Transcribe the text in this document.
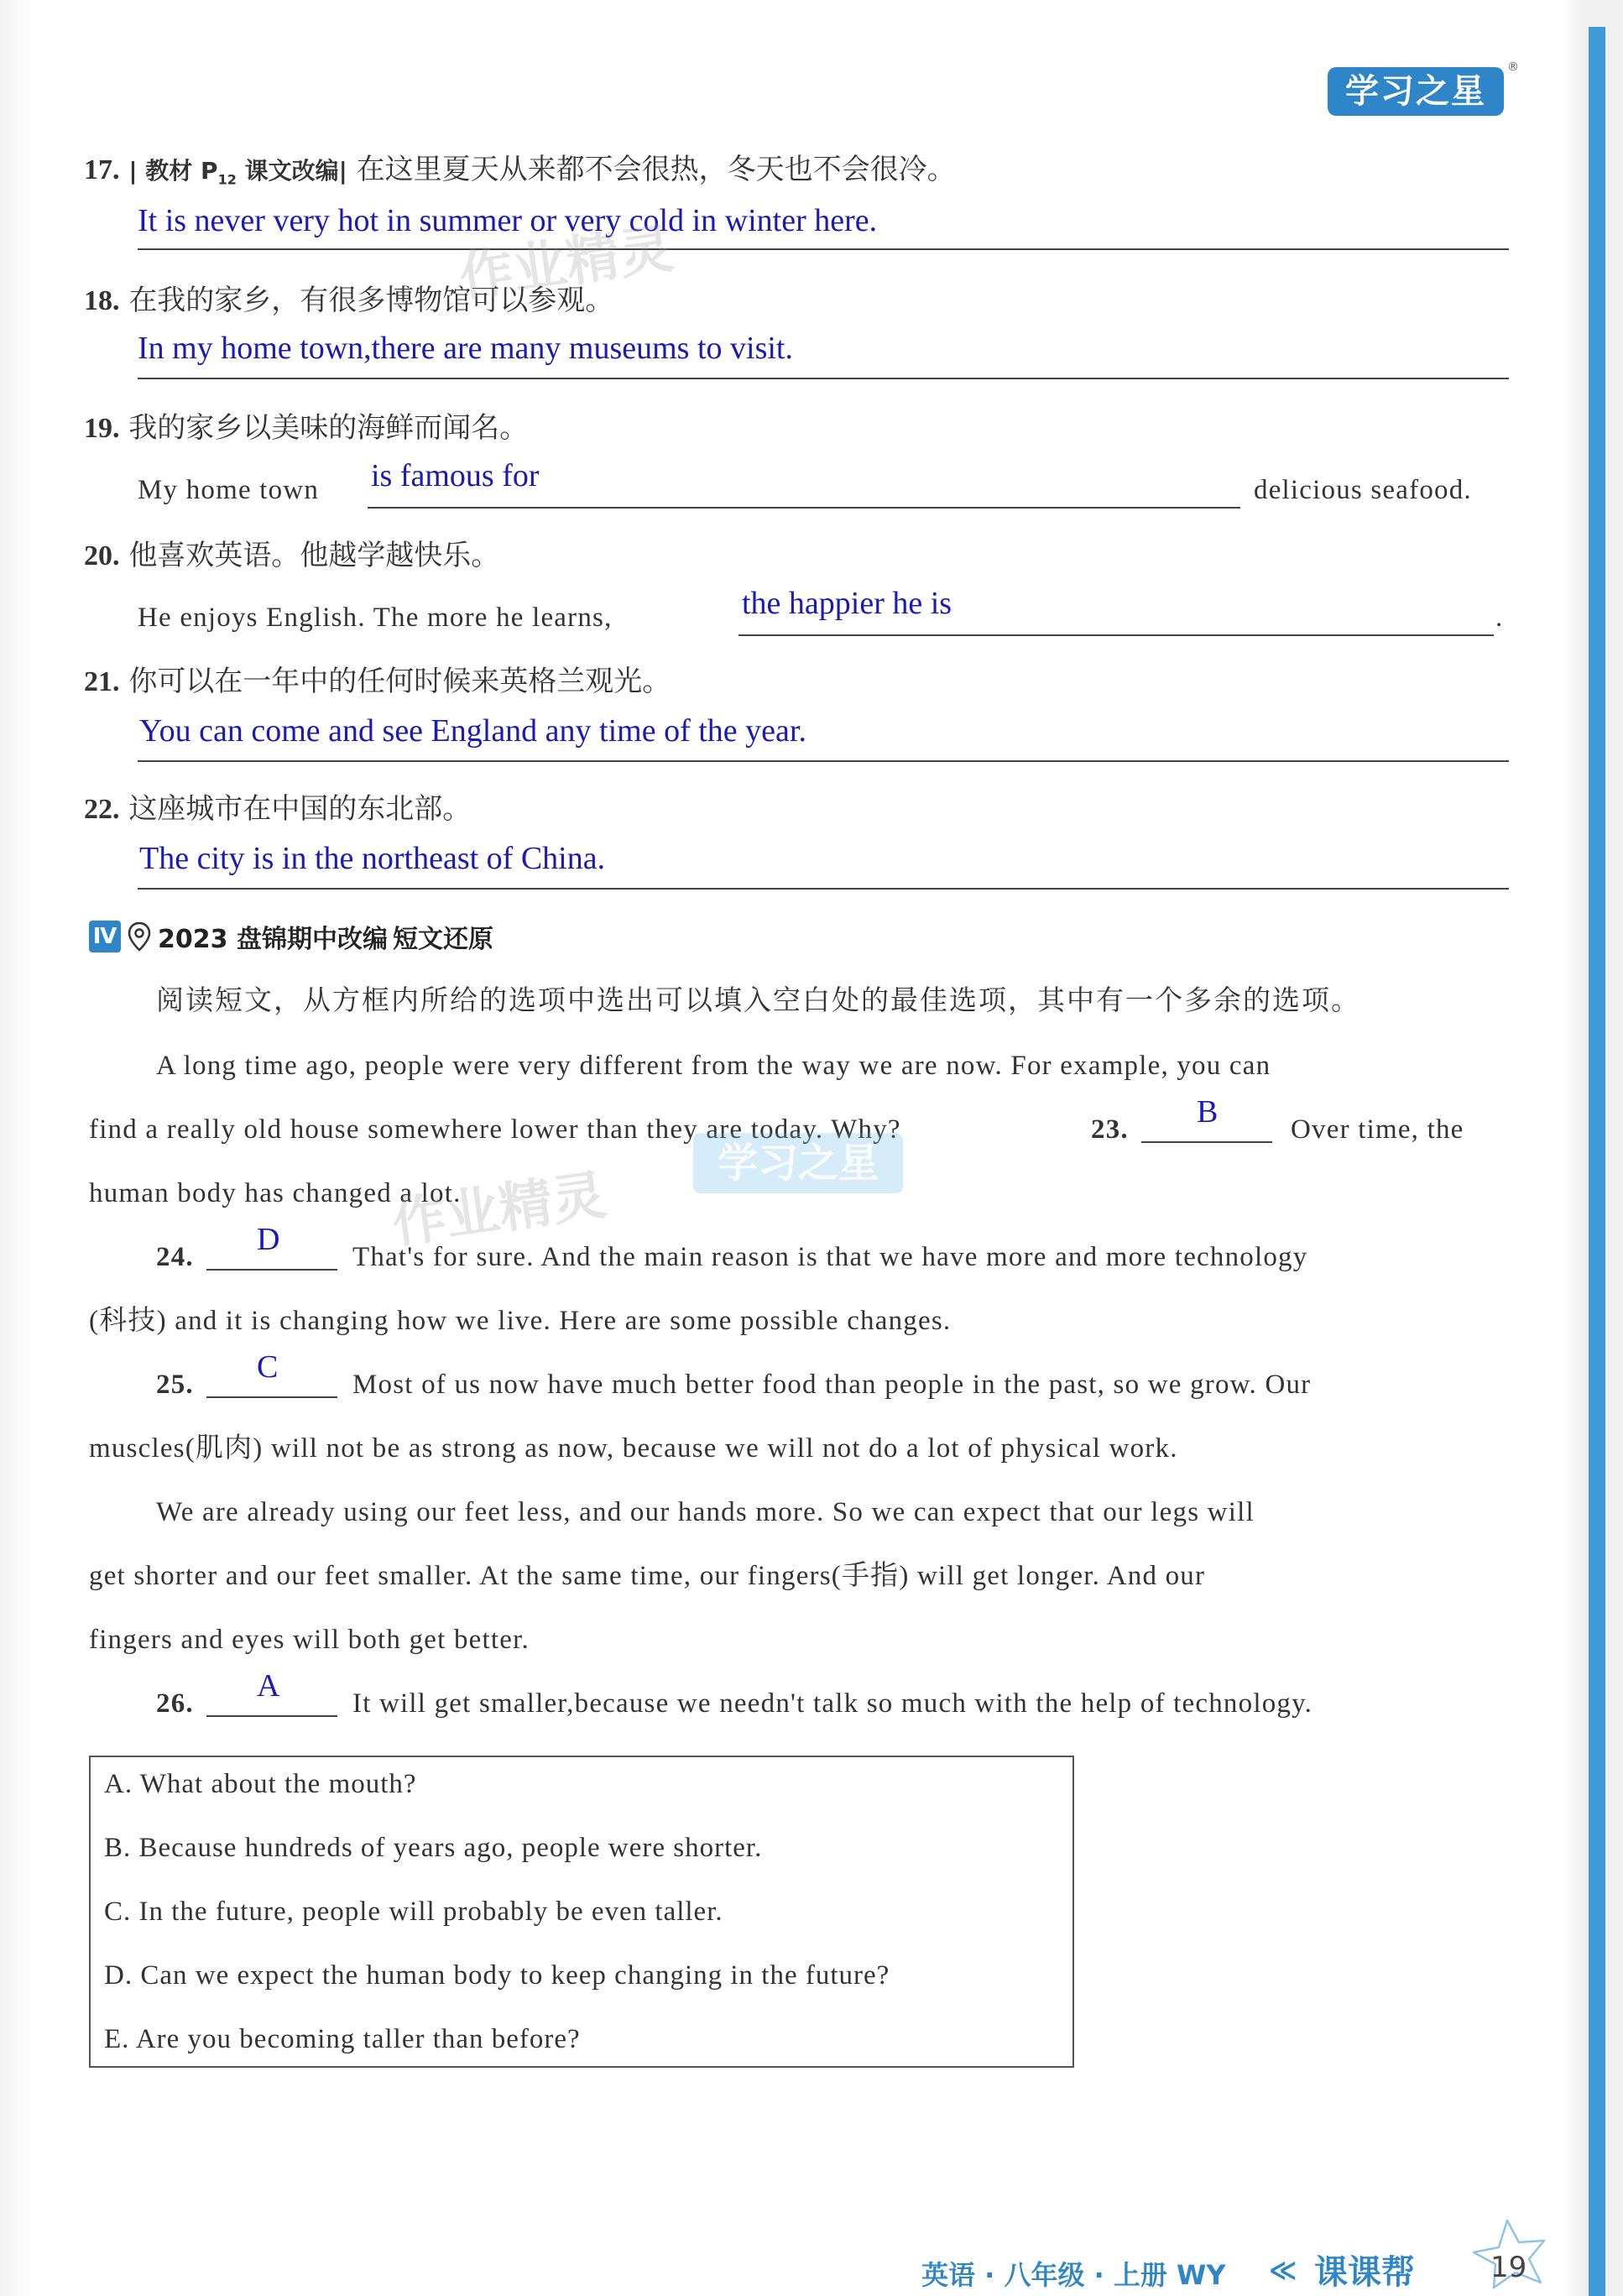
学习之星
®
17. | 教材 $P_{12}$ 课文改编| 在这里夏天从来都不会很热，冬天也不会很冷。
It is never very hot in summer or very cold in winter here.
18. 在我的家乡，有很多博物馆可以参观。
In my home town,there are many museums to visit.
19. 我的家乡以美味的海鲜而闻名。
My home town is famous for	delicious seafood.
20. 他喜欢英语。他越学越快乐。
He enjoys English. The more he learns,	the happier he is	.
21. 你可以在一年中的任何时候来英格兰观光。
You can come and see England any time of the year.
22. 这座城市在中国的东北部。
The city is in the northeast of China.
Ⅳ 2023 盘锦期中改编 短文还原
阅读短文，从方框内所给的选项中选出可以填入空白处的最佳选项，其中有一个多余的选项。
A long time ago, people were very different from the way we are now. For example, you can
find a really old house somewhere lower than they are today. Why?	23. B	Over time, the
human body has changed a lot.
24. D	That's for sure. And the main reason is that we have more and more technology
(科技) and it is changing how we live. Here are some possible changes.
25. C	Most of us now have much better food than people in the past, so we grow. Our
muscles(肌肉) will not be as strong as now, because we will not do a lot of physical work.
We are already using our feet less, and our hands more. So we can expect that our legs will
get shorter and our feet smaller. At the same time, our fingers(手指) will get longer. And our
fingers and eyes will both get better.
26. A	It will get smaller,because we needn't talk so much with the help of technology.
A. What about the mouth?
B. Because hundreds of years ago, people were shorter.
C. In the future, people will probably be even taller.
D. Can we expect the human body to keep changing in the future?
E. Are you becoming taller than before?
作业精灵
作业精灵
学习之星
英语 · 八年级 · 上册 WY ≪ 课课帮	19
